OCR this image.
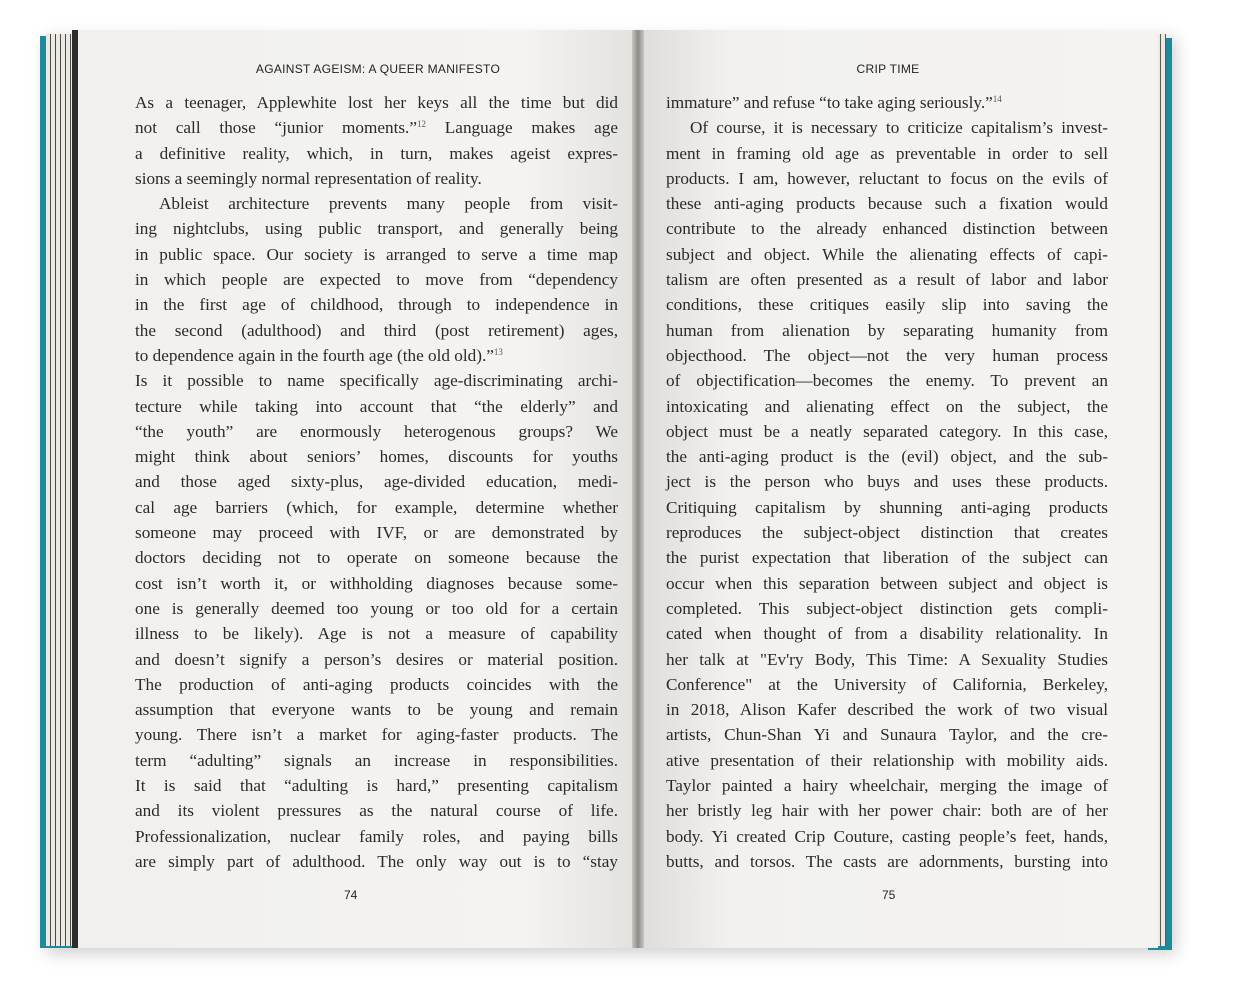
AGAINST AGEISM: A QUEER MANIFESTO
As a teenager, Applewhite lost her keys all the time but did
not call those “junior moments.”$^{12}$ Language makes age
a definitive reality, which, in turn, makes ageist expres-
sions a seemingly normal representation of reality.
Ableist architecture prevents many people from visit-
ing nightclubs, using public transport, and generally being
in public space. Our society is arranged to serve a time map
in which people are expected to move from “dependency
in the first age of childhood, through to independence in
the second (adulthood) and third (post retirement) ages,
to dependence again in the fourth age (the old old).”$^{13}$
Is it possible to name specifically age-discriminating archi-
tecture while taking into account that “the elderly” and
“the youth” are enormously heterogenous groups? We
might think about seniors’ homes, discounts for youths
and those aged sixty-plus, age-divided education, medi-
cal age barriers (which, for example, determine whether
someone may proceed with IVF, or are demonstrated by
doctors deciding not to operate on someone because the
cost isn’t worth it, or withholding diagnoses because some-
one is generally deemed too young or too old for a certain
illness to be likely). Age is not a measure of capability
and doesn’t signify a person’s desires or material position.
The production of anti-aging products coincides with the
assumption that everyone wants to be young and remain
young. There isn’t a market for aging-faster products. The
term “adulting” signals an increase in responsibilities.
It is said that “adulting is hard,” presenting capitalism
and its violent pressures as the natural course of life.
Professionalization, nuclear family roles, and paying bills
are simply part of adulthood. The only way out is to “stay
74
CRIP TIME
immature” and refuse “to take aging seriously.”$^{14}$
Of course, it is necessary to criticize capitalism’s invest-
ment in framing old age as preventable in order to sell
products. I am, however, reluctant to focus on the evils of
these anti-aging products because such a fixation would
contribute to the already enhanced distinction between
subject and object. While the alienating effects of capi-
talism are often presented as a result of labor and labor
conditions, these critiques easily slip into saving the
human from alienation by separating humanity from
objecthood. The object—not the very human process
of objectification—becomes the enemy. To prevent an
intoxicating and alienating effect on the subject, the
object must be a neatly separated category. In this case,
the anti-aging product is the (evil) object, and the sub-
ject is the person who buys and uses these products.
Critiquing capitalism by shunning anti-aging products
reproduces the subject-object distinction that creates
the purist expectation that liberation of the subject can
occur when this separation between subject and object is
completed. This subject-object distinction gets compli-
cated when thought of from a disability relationality. In
her talk at "Ev'ry Body, This Time: A Sexuality Studies
Conference" at the University of California, Berkeley,
in 2018, Alison Kafer described the work of two visual
artists, Chun-Shan Yi and Sunaura Taylor, and the cre-
ative presentation of their relationship with mobility aids.
Taylor painted a hairy wheelchair, merging the image of
her bristly leg hair with her power chair: both are of her
body. Yi created Crip Couture, casting people’s feet, hands,
butts, and torsos. The casts are adornments, bursting into
75
